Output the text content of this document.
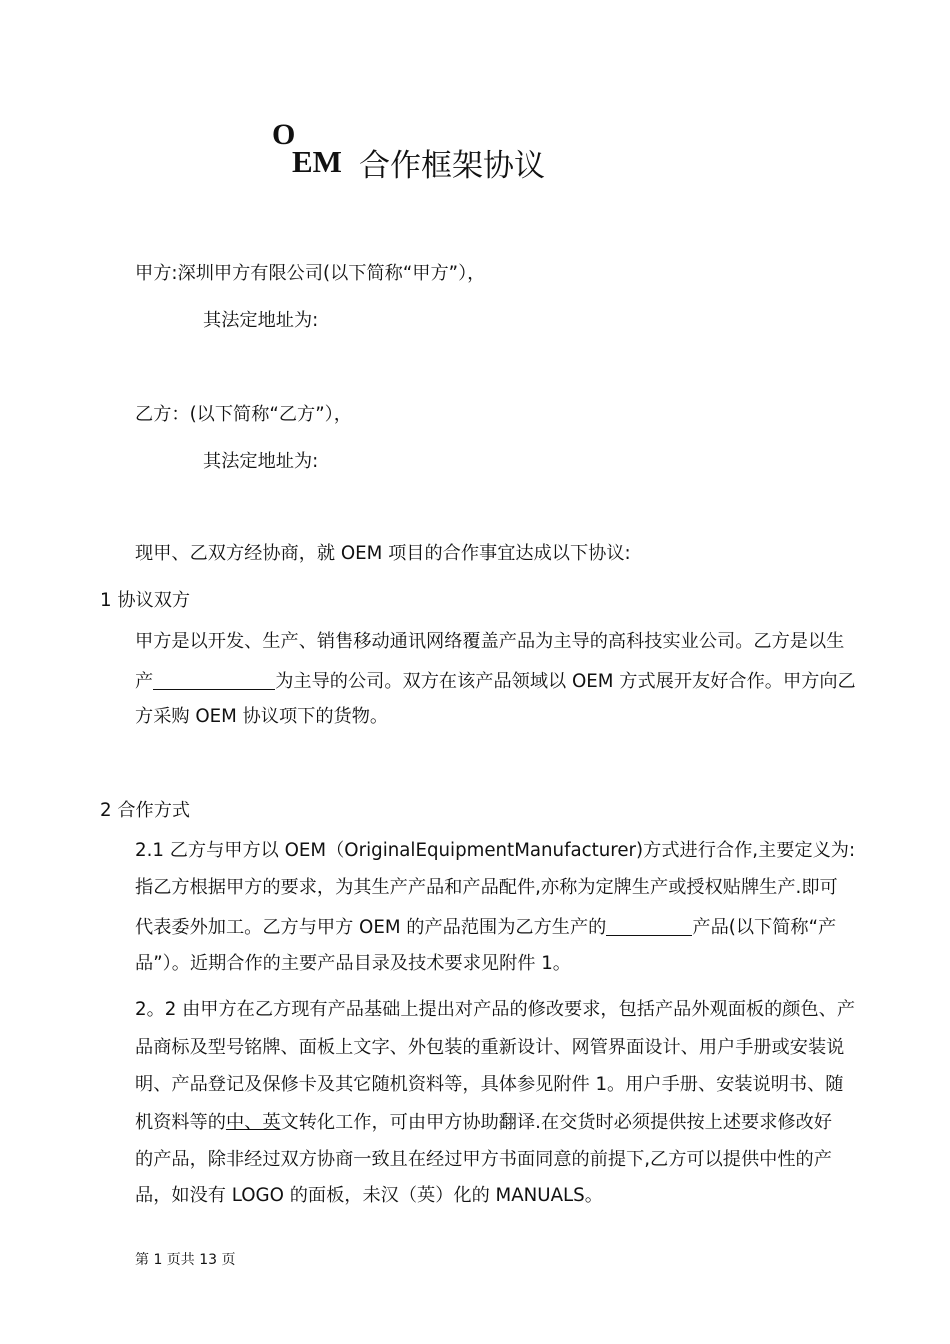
O
EM 合作框架协议
甲方:深圳甲方有限公司(以下简称“甲方”），
其法定地址为:
乙方：(以下简称“乙方”），
其法定地址为:
现甲、乙双方经协商，就 OEM 项目的合作事宜达成以下协议:
1 协议双方
甲方是以开发、生产、销售移动通讯网络覆盖产品为主导的高科技实业公司。乙方是以生
产	为主导的公司。双方在该产品领域以 OEM 方式展开友好合作。甲方向乙
方采购 OEM 协议项下的货物。
2 合作方式
2.1 乙方与甲方以 OEM（OriginalEquipmentManufacturer)方式进行合作,主要定义为:
指乙方根据甲方的要求，为其生产产品和产品配件,亦称为定牌生产或授权贴牌生产.即可
代表委外加工。乙方与甲方 OEM 的产品范围为乙方生产的	产品(以下简称“产
品”）。近期合作的主要产品目录及技术要求见附件 1。
2。2 由甲方在乙方现有产品基础上提出对产品的修改要求，包括产品外观面板的颜色、产
品商标及型号铭牌、面板上文字、外包装的重新设计、网管界面设计、用户手册或安装说
明、产品登记及保修卡及其它随机资料等，具体参见附件 1。用户手册、安装说明书、随
机资料等的中、英文转化工作，可由甲方协助翻译.在交货时必须提供按上述要求修改好
的产品，除非经过双方协商一致且在经过甲方书面同意的前提下,乙方可以提供中性的产
品，如没有 LOGO 的面板，未汉（英）化的 MANUALS。
第 1 页共 13 页
